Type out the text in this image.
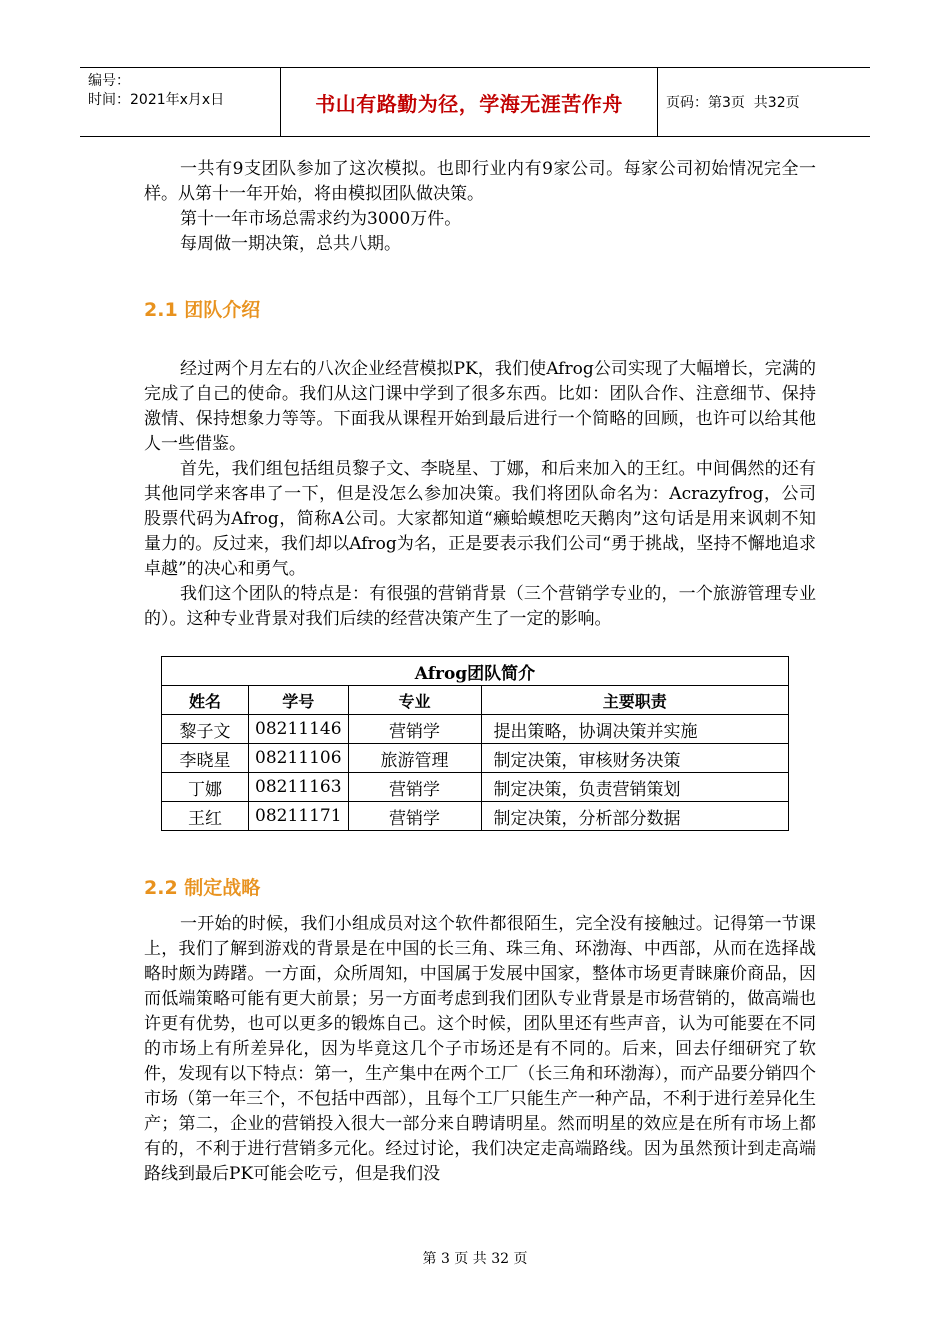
编号：
时间：2021年x月x日	书山有路勤为径，学海无涯苦作舟	页码：第3页  共32页

一共有9支团队参加了这次模拟。也即行业内有9家公司。每家公司初始情况完全一样。从第十一年开始，将由模拟团队做决策。

第十一年市场总需求约为3000万件。

每周做一期决策，总共八期。

2.1 团队介绍

经过两个月左右的八次企业经营模拟PK，我们使Afrog公司实现了大幅增长，完满的完成了自己的使命。我们从这门课中学到了很多东西。比如：团队合作、注意细节、保持激情、保持想象力等等。下面我从课程开始到最后进行一个简略的回顾，也许可以给其他人一些借鉴。

首先，我们组包括组员黎子文、李晓星、丁娜，和后来加入的王红。中间偶然的还有其他同学来客串了一下，但是没怎么参加决策。我们将团队命名为：Acrazyfrog，公司股票代码为Afrog，简称A公司。大家都知道“癞蛤蟆想吃天鹅肉”这句话是用来讽刺不知量力的。反过来，我们却以Afrog为名，正是要表示我们公司“勇于挑战，坚持不懈地追求卓越”的决心和勇气。

我们这个团队的特点是：有很强的营销背景（三个营销学专业的，一个旅游管理专业的）。这种专业背景对我们后续的经营决策产生了一定的影响。

Afrog团队简介			
姓名	学号	专业	主要职责
黎子文	08211146	营销学	提出策略，协调决策并实施
李晓星	08211106	旅游管理	制定决策，审核财务决策
丁娜	08211163	营销学	制定决策，负责营销策划
王红	08211171	营销学	制定决策，分析部分数据
2.2 制定战略

一开始的时候，我们小组成员对这个软件都很陌生，完全没有接触过。记得第一节课上，我们了解到游戏的背景是在中国的长三角、珠三角、环渤海、中西部，从而在选择战略时颇为踌躇。一方面，众所周知，中国属于发展中国家，整体市场更青睐廉价商品，因而低端策略可能有更大前景；另一方面考虑到我们团队专业背景是市场营销的，做高端也许更有优势，也可以更多的锻炼自己。这个时候，团队里还有些声音，认为可能要在不同的市场上有所差异化，因为毕竟这几个子市场还是有不同的。后来，回去仔细研究了软件，发现有以下特点：第一，生产集中在两个工厂（长三角和环渤海），而产品要分销四个市场（第一年三个，不包括中西部），且每个工厂只能生产一种产品，不利于进行差异化生产；第二，企业的营销投入很大一部分来自聘请明星。然而明星的效应是在所有市场上都有的，不利于进行营销多元化。经过讨论，我们决定走高端路线。因为虽然预计到走高端路线到最后PK可能会吃亏，但是我们没

第 3 页 共 32 页
